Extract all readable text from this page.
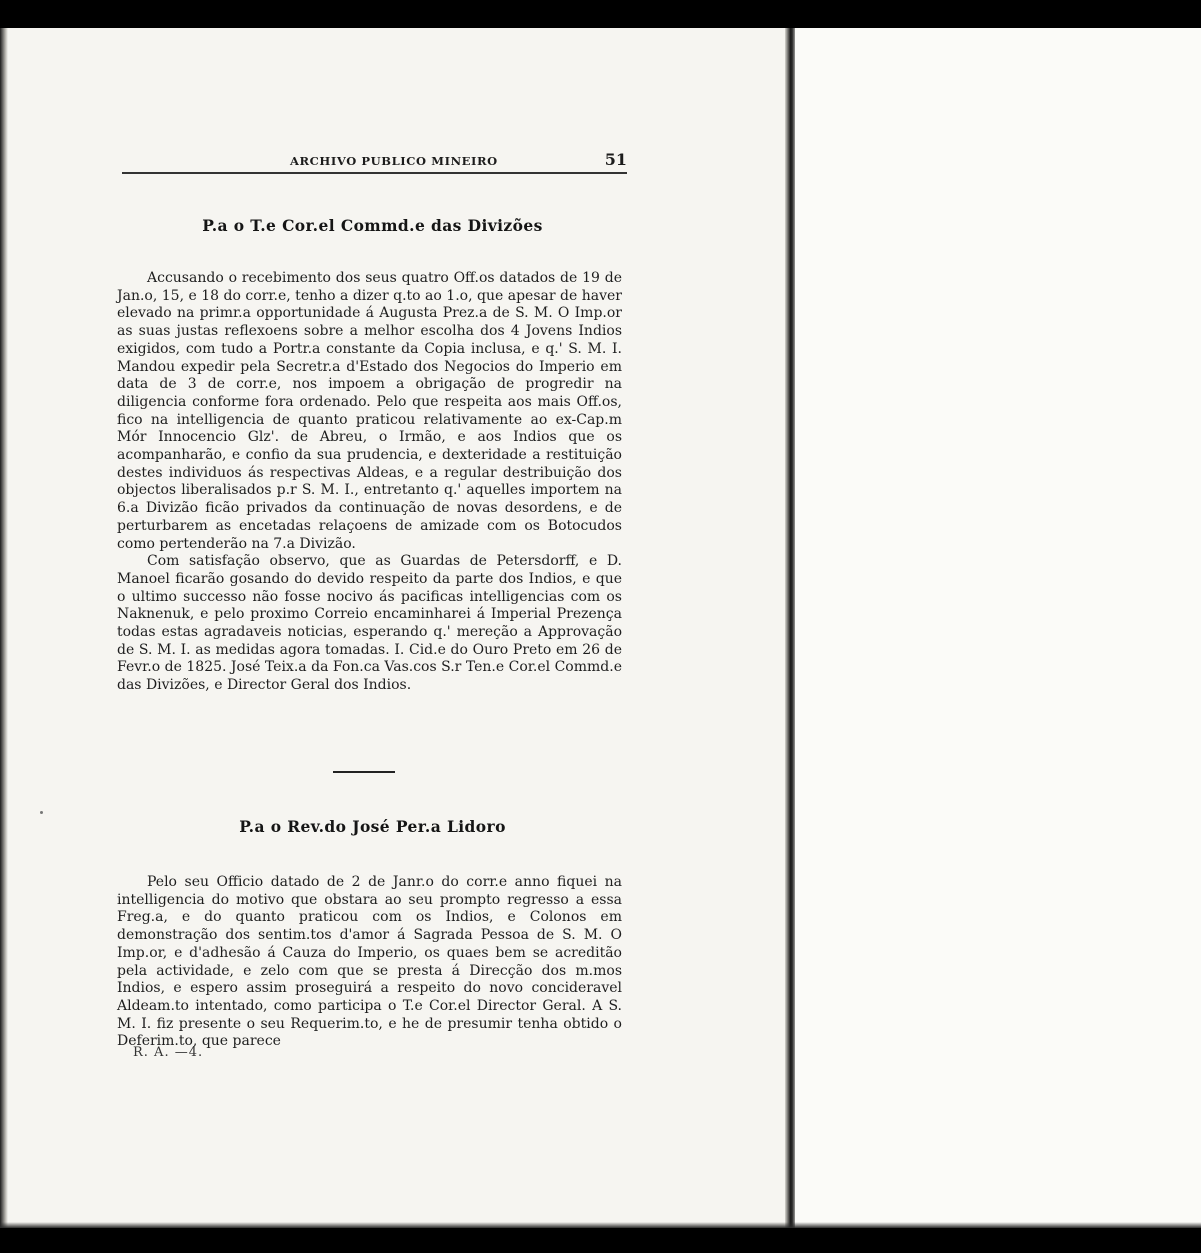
ARCHIVO PUBLICO MINEIRO	51
P.a o T.e Cor.el Commd.e das Divizões

Accusando o recebimento dos seus quatro Off.os datados de 19 de Jan.o, 15, e 18 do corr.e, tenho a dizer q.to ao 1.o, que apesar de haver elevado na primr.a opportunidade á Augusta Prez.a de S. M. O Imp.or as suas justas reflexoens sobre a melhor escolha dos 4 Jovens Indios exigidos, com tudo a Portr.a constante da Copia inclusa, e q.' S. M. I. Mandou expedir pela Secretr.a d'Estado dos Negocios do Imperio em data de 3 de corr.e, nos impoem a obrigação de progredir na diligencia conforme fora ordenado. Pelo que respeita aos mais Off.os, fico na intelligencia de quanto praticou relativamente ao ex-Cap.m Mór Innocencio Glz'. de Abreu, o Irmão, e aos Indios que os acompanharão, e confio da sua prudencia, e dexteridade a restituição destes individuos ás respectivas Aldeas, e a regular destribuição dos objectos liberalisados p.r S. M. I., entretanto q.' aquelles importem na 6.a Divizão ficão privados da continuação de novas desordens, e de perturbarem as encetadas relaçoens de amizade com os Botocudos como pertenderão na 7.a Divizão.

Com satisfação observo, que as Guardas de Petersdorff, e D. Manoel ficarão gosando do devido respeito da parte dos Indios, e que o ultimo successo não fosse nocivo ás pacificas intelligencias com os Naknenuk, e pelo proximo Correio encaminharei á Imperial Prezença todas estas agradaveis noticias, esperando q.' mereção a Approvação de S. M. I. as medidas agora tomadas. I. Cid.e do Ouro Preto em 26 de Fevr.o de 1825. José Teix.a da Fon.ca Vas.cos S.r Ten.e Cor.el Commd.e das Divizões, e Director Geral dos Indios.

P.a o Rev.do José Per.a Lidoro

Pelo seu Officio datado de 2 de Janr.o do corr.e anno fiquei na intelligencia do motivo que obstara ao seu prompto regresso a essa Freg.a, e do quanto praticou com os Indios, e Colonos em demonstração dos sentim.tos d'amor á Sagrada Pessoa de S. M. O Imp.or, e d'adhesão á Cauza do Imperio, os quaes bem se acreditão pela actividade, e zelo com que se presta á Direcção dos m.mos Indios, e espero assim proseguirá a respeito do novo concideravel Aldeam.to intentado, como participa o T.e Cor.el Director Geral. A S. M. I. fiz presente o seu Requerim.to, e he de presumir tenha obtido o Deferim.to, que parece

R. A. —4.
